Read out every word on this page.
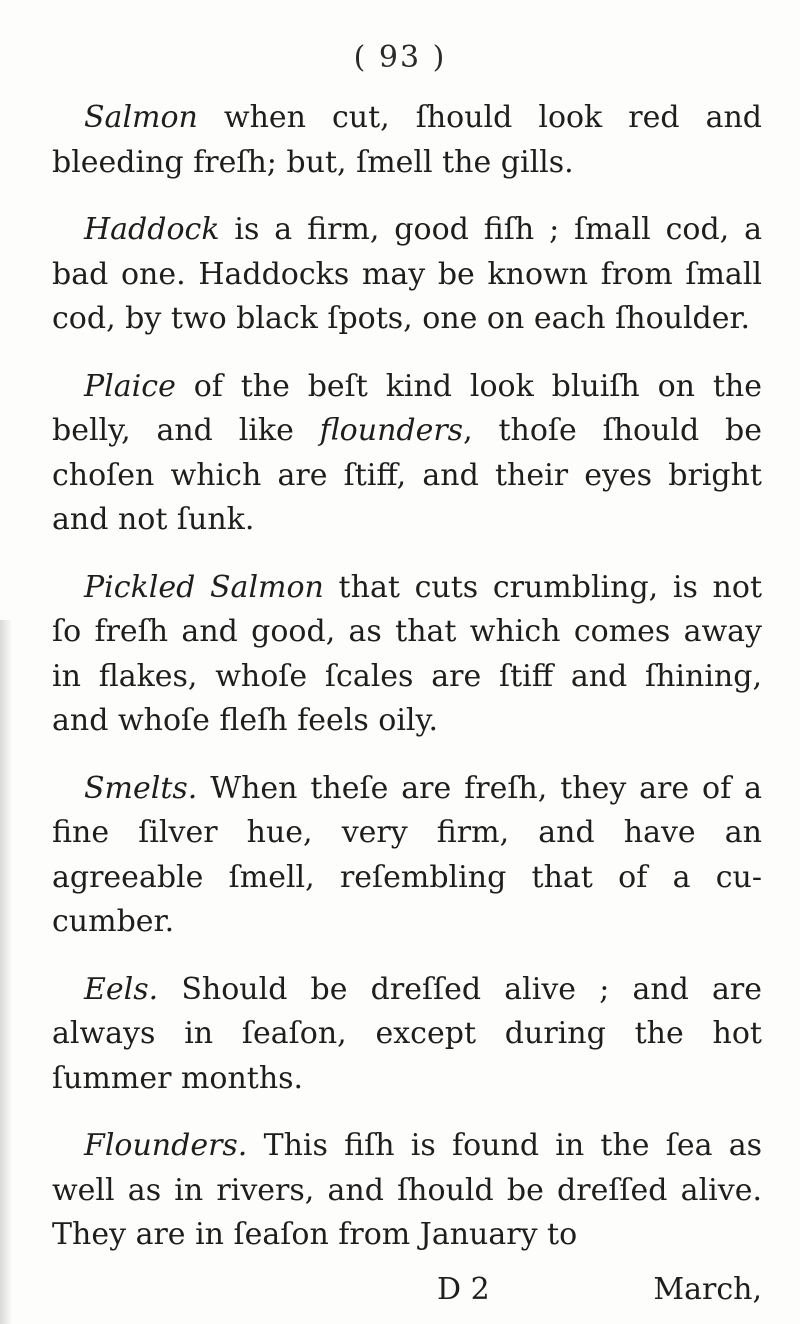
( 93 )

Salmon when cut, ſhould look red and bleeding freſh; but, ſmell the gills.

Haddock is a firm, good fiſh ; ſmall cod, a bad one. Haddocks may be known from ſmall cod, by two black ſpots, one on each ſhoulder.

Plaice of the beſt kind look bluiſh on the belly, and like flounders, thoſe ſhould be choſen which are ſtiff, and their eyes bright and not ſunk.

Pickled Salmon that cuts crumbling, is not ſo freſh and good, as that which comes away in flakes, whoſe ſcales are ſtiff and ſhining, and whoſe fleſh feels oily.

Smelts. When theſe are freſh, they are of a fine ſilver hue, very firm, and have an agreeable ſmell, reſembling that of a cu-cumber.

Eels. Should be dreſſed alive ; and are always in ſeaſon, except during the hot ſummer months.

Flounders. This fiſh is found in the ſea as well as in rivers, and ſhould be dreſſed alive. They are in ſeaſon from January to

D 2	March,
